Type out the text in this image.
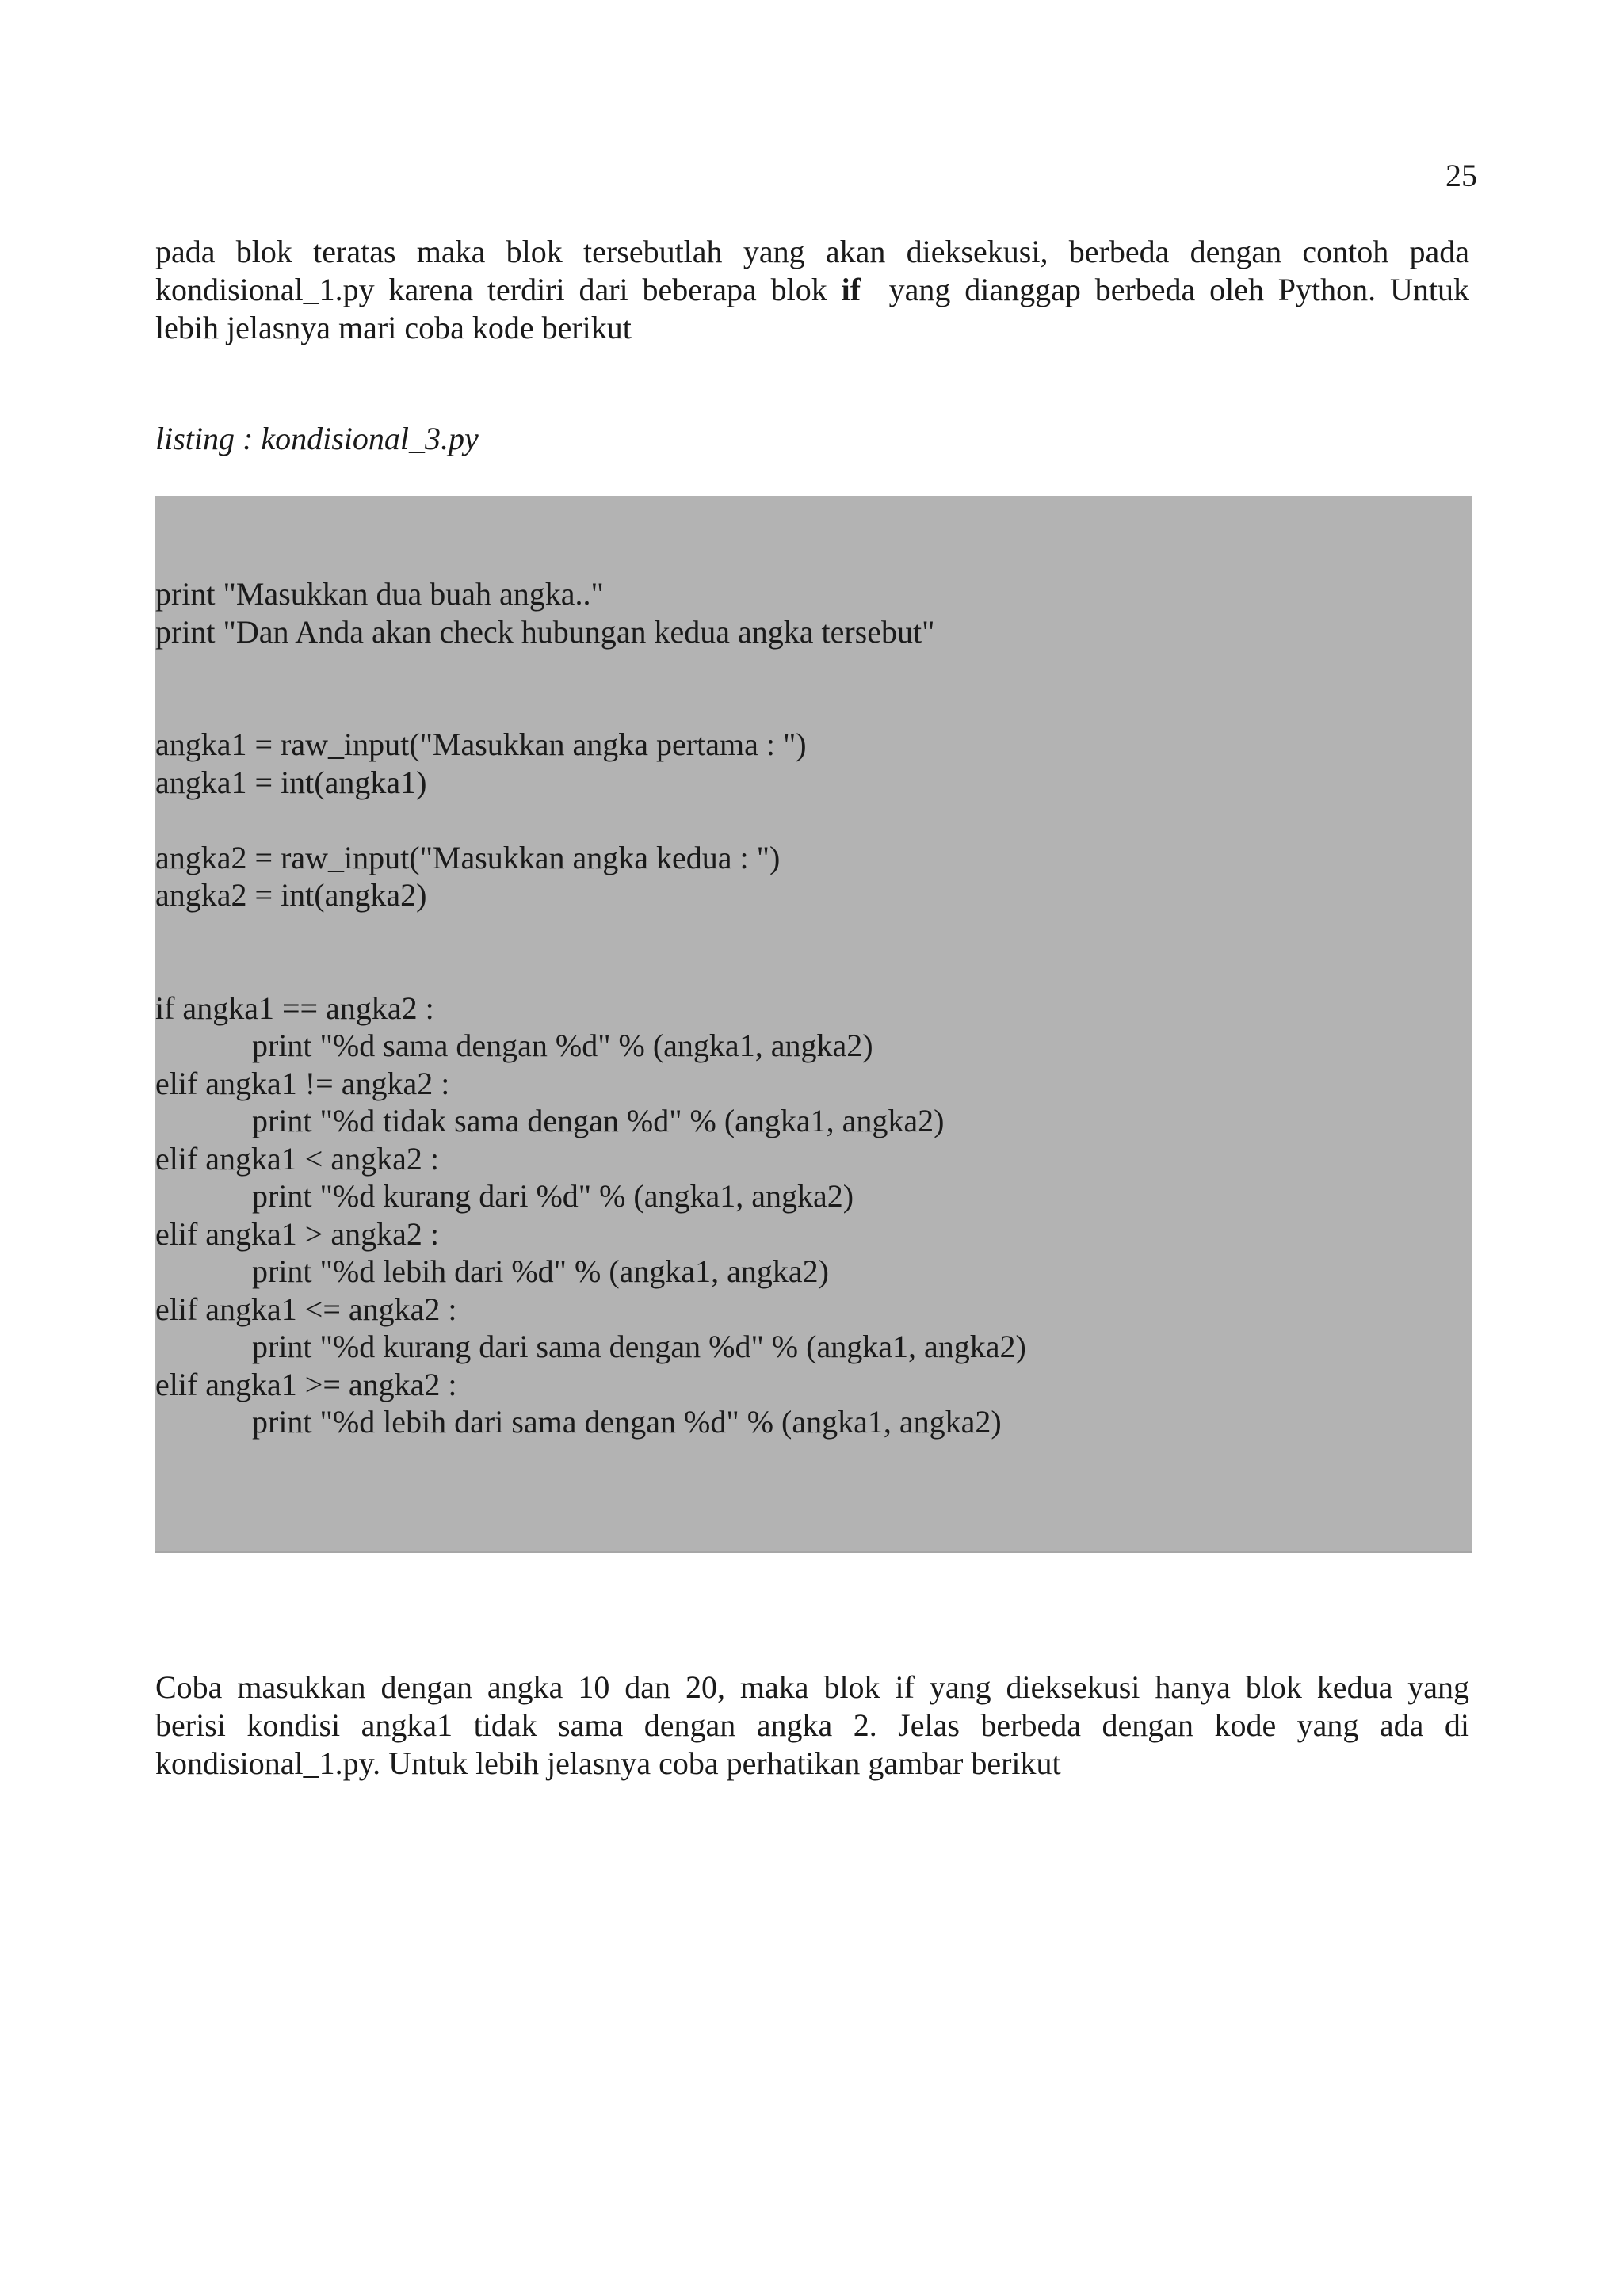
25
pada blok teratas maka blok tersebutlah yang akan dieksekusi, berbeda dengan contoh pada
kondisional_1.py karena terdiri dari beberapa blok if  yang dianggap berbeda oleh Python. Untuk
lebih jelasnya mari coba kode berikut
listing : kondisional_3.py
print "Masukkan dua buah angka.."
print "Dan Anda akan check hubungan kedua angka tersebut"
angka1 = raw_input("Masukkan angka pertama : ")
angka1 = int(angka1)
angka2 = raw_input("Masukkan angka kedua : ")
angka2 = int(angka2)
if angka1 == angka2 :
print "%d sama dengan %d" % (angka1, angka2)
elif angka1 != angka2 :
print "%d tidak sama dengan %d" % (angka1, angka2)
elif angka1 < angka2 :
print "%d kurang dari %d" % (angka1, angka2)
elif angka1 > angka2 :
print "%d lebih dari %d" % (angka1, angka2)
elif angka1 <= angka2 :
print "%d kurang dari sama dengan %d" % (angka1, angka2)
elif angka1 >= angka2 :
print "%d lebih dari sama dengan %d" % (angka1, angka2)
Coba masukkan dengan angka 10 dan 20, maka blok if yang dieksekusi hanya blok kedua yang
berisi kondisi angka1 tidak sama dengan angka 2. Jelas berbeda dengan kode yang ada di
kondisional_1.py. Untuk lebih jelasnya coba perhatikan gambar berikut
